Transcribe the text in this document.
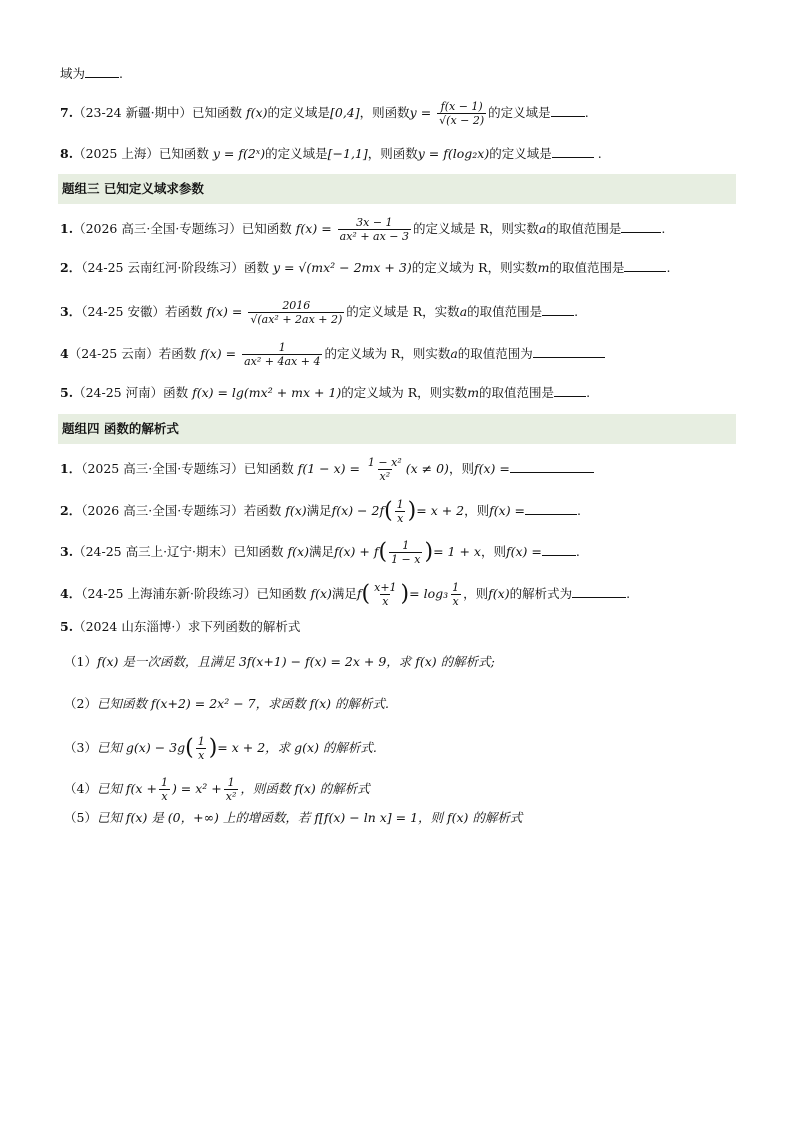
域为	.
7.（23-24 新疆·期中）已知函数 f(x)的定义域是[0,4]，则函数$y = \frac{f(x - 1)}{√(x - 2)}$ 的定义域是	.
8.（2025 上海）已知函数 y = f(2ˣ)的定义域是[−1,1]，则函数y = f(log₂x)的定义域是	.
题组三 已知定义域求参数
1.（2026 高三·全国·专题练习）已知函数 $f(x) = \frac{3x - 1}{\text{ax² + ax − 3}}$ 的定义域是 R，则实数a的取值范围是	.
2．（24-25 云南红河·阶段练习）函数 y = √(mx² − 2mx + 3)的定义域为 R，则实数m的取值范围是	.
3．（24-25 安徽）若函数 $f(x) = \frac{2016}{\text{√(ax² + 2ax + 2)}}$ 的定义域是 R，实数a的取值范围是	.
4（24-25 云南）若函数 $f(x) = \frac{1}{\text{ax² + 4ax + 4}}$ 的定义域为 R，则实数a的取值范围为
5.（24-25 河南）函数 f(x) = lg(mx² + mx + 1)的定义域为 R，则实数m的取值范围是	.
题组四 函数的解析式
1．（2025 高三·全国·专题练习）已知函数 $f(1 - x) = \frac{\text{1 − x²}}{\text{x²}} (x \ne 0)$，则f(x) =
2．（2026 高三·全国·专题练习）若函数 f(x)满足$f(x) - 2f( \frac{1}{x}$ )= x + 2，则f(x) =	.
3.（24-25 高三上·辽宁·期末）已知函数 f(x)满足$f(x) + f( \frac{1}{1 - x}$ )= 1 + x，则f(x) =	.
4．（24-25 上海浦东新·阶段练习）已知函数 f(x)满足$f( \frac{x+1}{x}$ )= $\log_3 \frac{1}{x}$ ，则f(x)的解析式为	.
5.（2024 山东淄博·）求下列函数的解析式
（1）f(x) 是一次函数，且满足 3f(x+1) − f(x) = 2x + 9，求 f(x) 的解析式;
（2）已知函数 f(x+2) = 2x² − 7，求函数 f(x) 的解析式.
（3）已知 $g(x) - 3g( \frac{1}{x}$ )= x + 2，求 g(x) 的解析式.
（4）已知 $f(x + \frac{1}{x}$ ) = $x^2 + \frac{1}{\text{x²}}$ ，则函数 f(x) 的解析式
（5）已知 f(x) 是 (0，+∞) 上的增函数，若 f[f(x) − ln x] = 1，则 f(x) 的解析式
